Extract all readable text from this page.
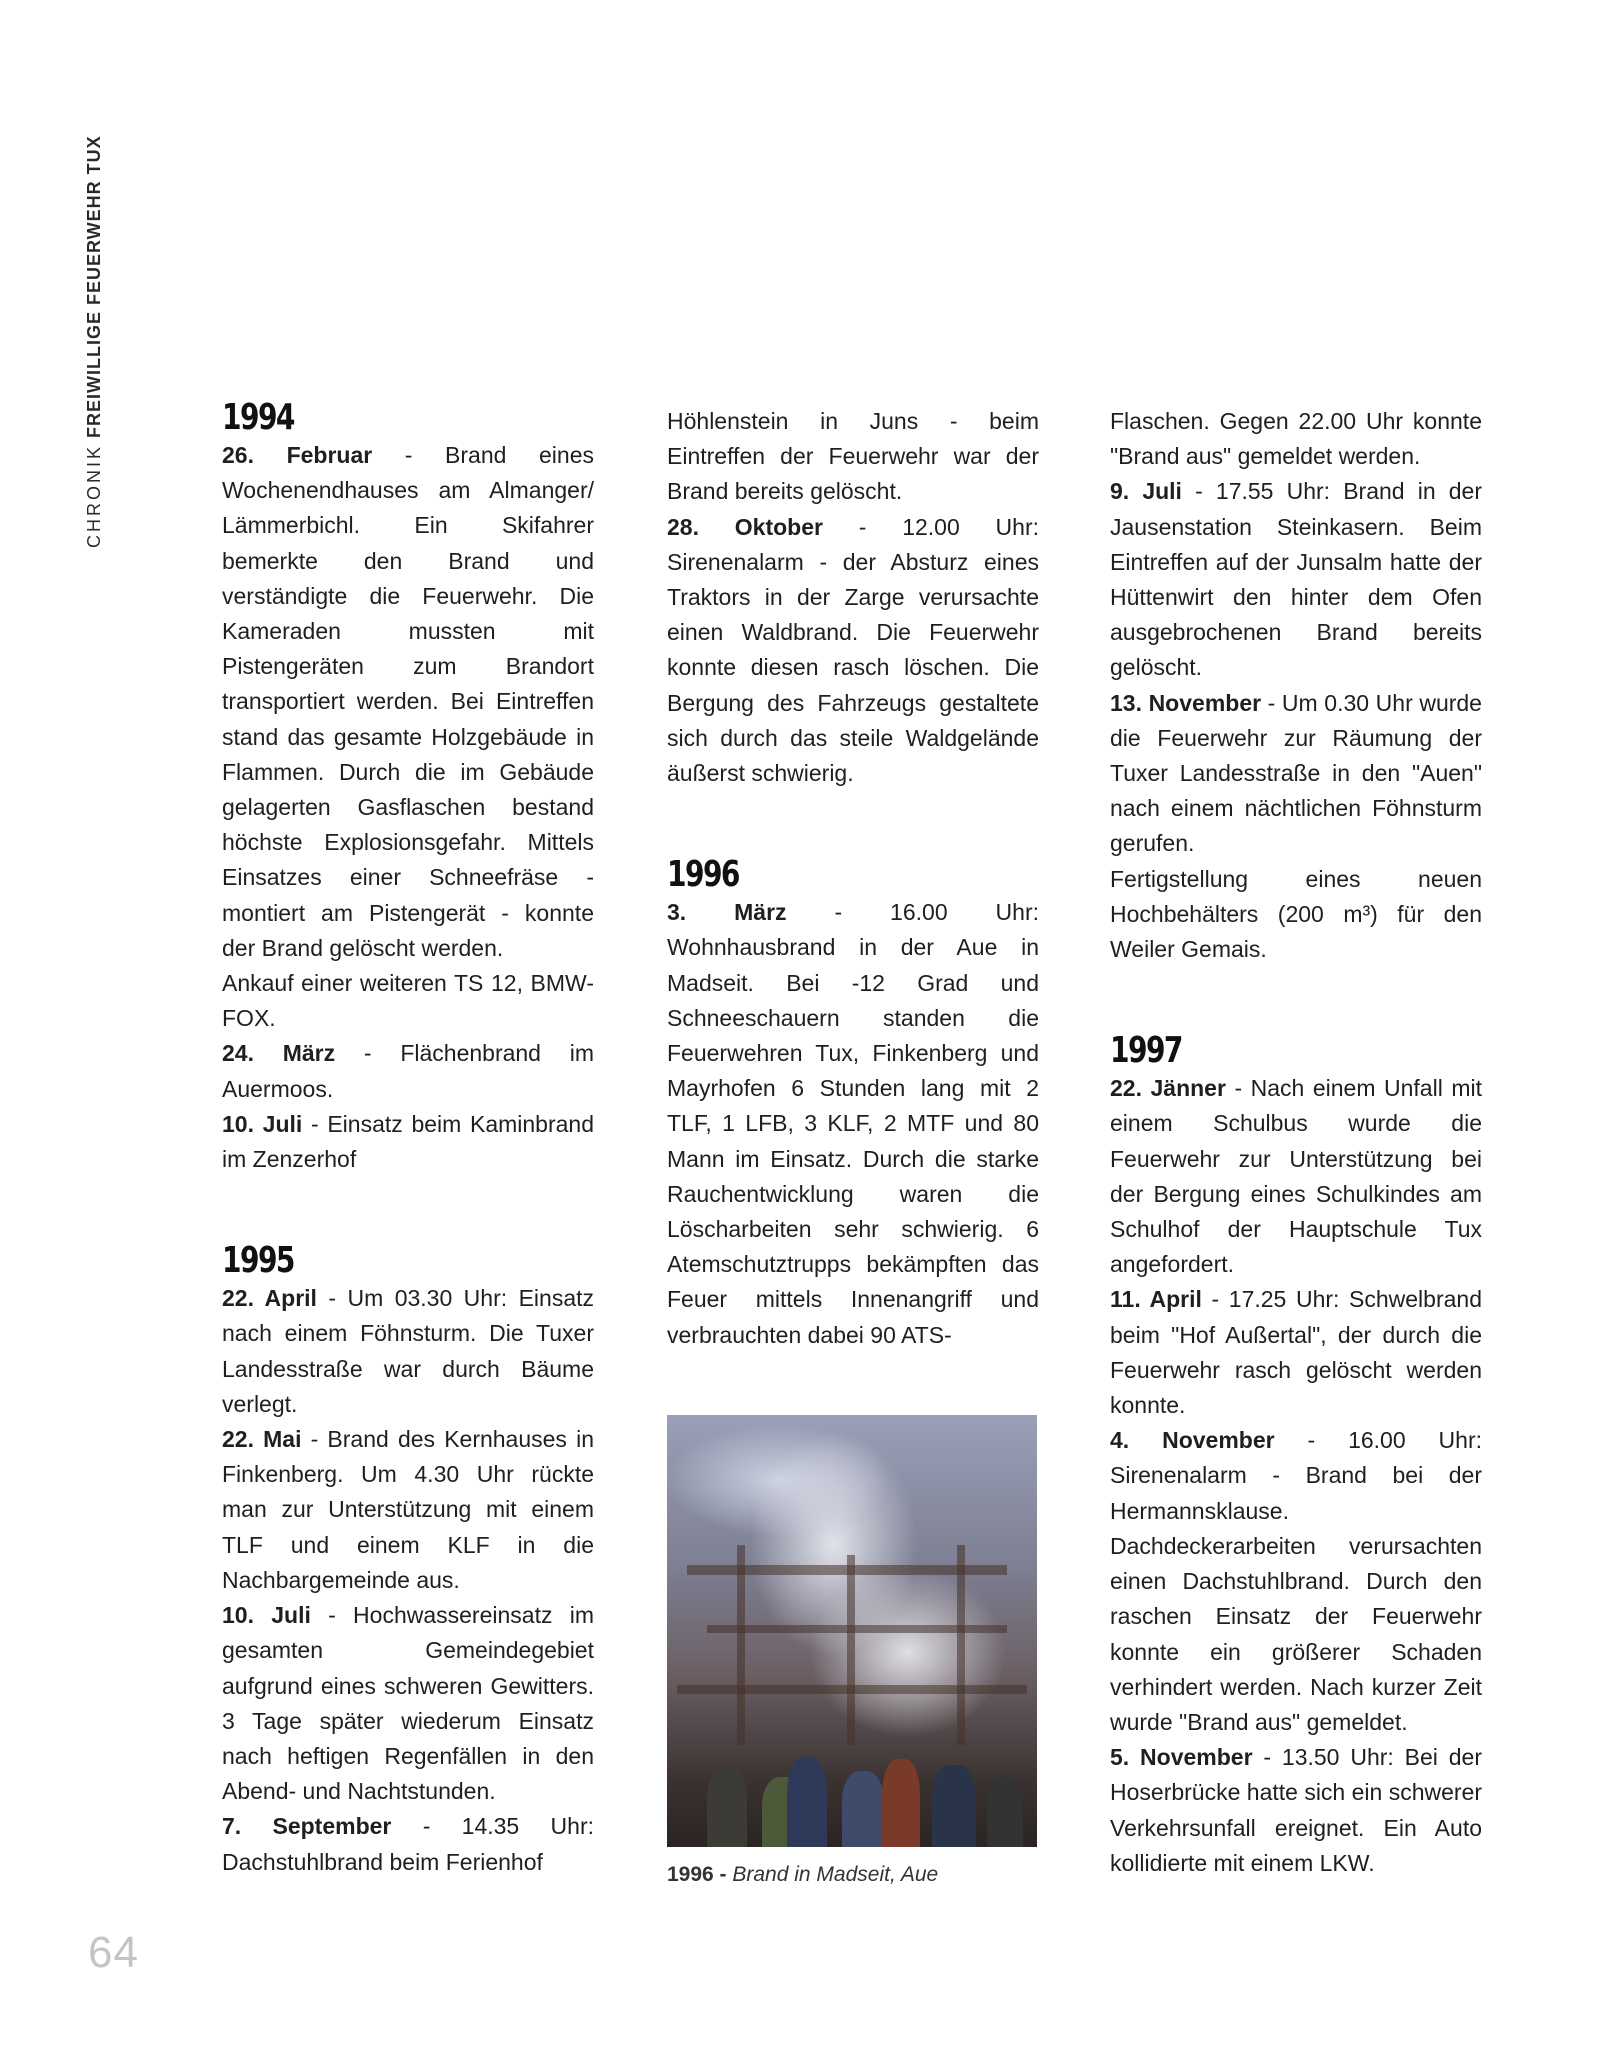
CHRONIKFREIWILLIGE FEUERWEHR TUX	1994

26. Februar - Brand eines Wochenendhauses am Almanger/ Lämmerbichl. Ein Skifahrer bemerkte den Brand und verständigte die Feuerwehr. Die Kameraden mussten mit Pistengeräten zum Brandort transportiert werden. Bei Eintreffen stand das gesamte Holzgebäude in Flammen. Durch die im Gebäude gelagerten Gasflaschen bestand höchste Explosionsgefahr. Mittels Einsatzes einer Schneefräse - montiert am Pistengerät - konnte der Brand gelöscht werden.

Ankauf einer weiteren TS 12, BMW-FOX.

24. März - Flächenbrand im Auermoos.

10. Juli - Einsatz beim Kaminbrand im Zenzerhof

1995

22. April - Um 03.30 Uhr: Einsatz nach einem Föhnsturm. Die Tuxer Landesstraße war durch Bäume verlegt.

22. Mai - Brand des Kernhauses in Finkenberg. Um 4.30 Uhr rückte man zur Unterstützung mit einem TLF und einem KLF in die Nachbargemeinde aus.

10. Juli - Hochwassereinsatz im gesamten Gemeindegebiet aufgrund eines schweren Gewitters. 3 Tage später wiederum Einsatz nach heftigen Regenfällen in den Abend- und Nachtstunden.

7. September - 14.35 Uhr: Dachstuhlbrand beim Ferienhof

Höhlenstein in Juns - beim Eintreffen der Feuerwehr war der Brand bereits gelöscht.

28. Oktober - 12.00 Uhr: Sirenenalarm - der Absturz eines Traktors in der Zarge verursachte einen Waldbrand. Die Feuerwehr konnte diesen rasch löschen. Die Bergung des Fahrzeugs gestaltete sich durch das steile Waldgelände äußerst schwierig.

1996

3. März - 16.00 Uhr: Wohnhausbrand in der Aue in Madseit. Bei -12 Grad und Schneeschauern standen die Feuerwehren Tux, Finkenberg und Mayrhofen 6 Stunden lang mit 2 TLF, 1 LFB, 3 KLF, 2 MTF und 80 Mann im Einsatz. Durch die starke Rauchentwicklung waren die Löscharbeiten sehr schwierig. 6 Atemschutztrupps bekämpften das Feuer mittels Innenangriff und verbrauchten dabei 90 ATS-

1996 - Brand in Madseit, Aue

Flaschen. Gegen 22.00 Uhr konnte "Brand aus" gemeldet werden.

9. Juli - 17.55 Uhr: Brand in der Jausenstation Steinkasern. Beim Eintreffen auf der Junsalm hatte der Hüttenwirt den hinter dem Ofen ausgebrochenen Brand bereits gelöscht.

13. November - Um 0.30 Uhr wurde die Feuerwehr zur Räumung der Tuxer Landesstraße in den "Auen" nach einem nächtlichen Föhnsturm gerufen.

Fertigstellung eines neuen Hochbehälters (200 m³) für den Weiler Gemais.

1997

22. Jänner - Nach einem Unfall mit einem Schulbus wurde die Feuerwehr zur Unterstützung bei der Bergung eines Schulkindes am Schulhof der Hauptschule Tux angefordert.

11. April - 17.25 Uhr: Schwelbrand beim "Hof Außertal", der durch die Feuerwehr rasch gelöscht werden konnte.

4. November - 16.00 Uhr: Sirenenalarm - Brand bei der Hermannsklause. Dachdeckerarbeiten verursachten einen Dachstuhlbrand. Durch den raschen Einsatz der Feuerwehr konnte ein größerer Schaden verhindert werden. Nach kurzer Zeit wurde "Brand aus" gemeldet.

5. November - 13.50 Uhr: Bei der Hoserbrücke hatte sich ein schwerer Verkehrsunfall ereignet. Ein Auto kollidierte mit einem LKW.

64
